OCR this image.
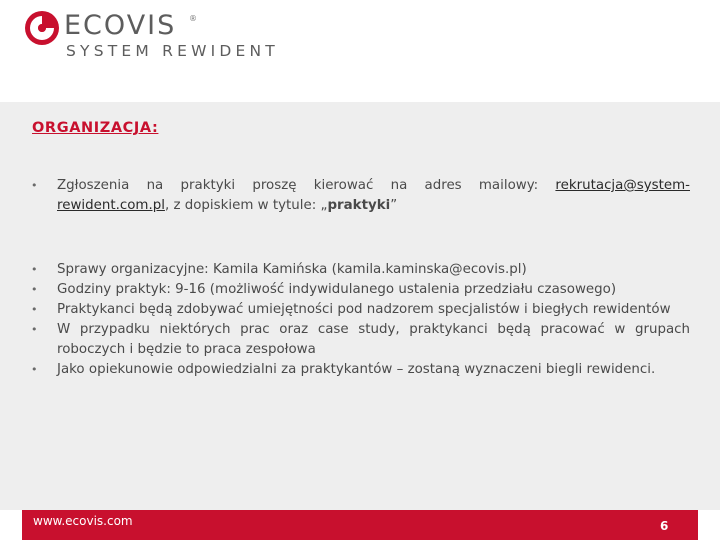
ECOVIS ®
SYSTEM REWIDENT
ORGANIZACJA:
• Zgłoszenia na praktyki proszę kierować na adres mailowy: rekrutacja@system-rewident.com.pl, z dopiskiem w tytule: „praktyki”
• Sprawy organizacyjne: Kamila Kamińska (kamila.kaminska@ecovis.pl)
• Godziny praktyk: 9-16 (możliwość indywidulanego ustalenia przedziału czasowego)
• Praktykanci będą zdobywać umiejętności pod nadzorem specjalistów i biegłych rewidentów
• W przypadku niektórych prac oraz case study, praktykanci będą pracować w grupach roboczych i będzie to praca zespołowa
• Jako opiekunowie odpowiedzialni za praktykantów – zostaną wyznaczeni biegli rewidenci.
www.ecovis.com	6
